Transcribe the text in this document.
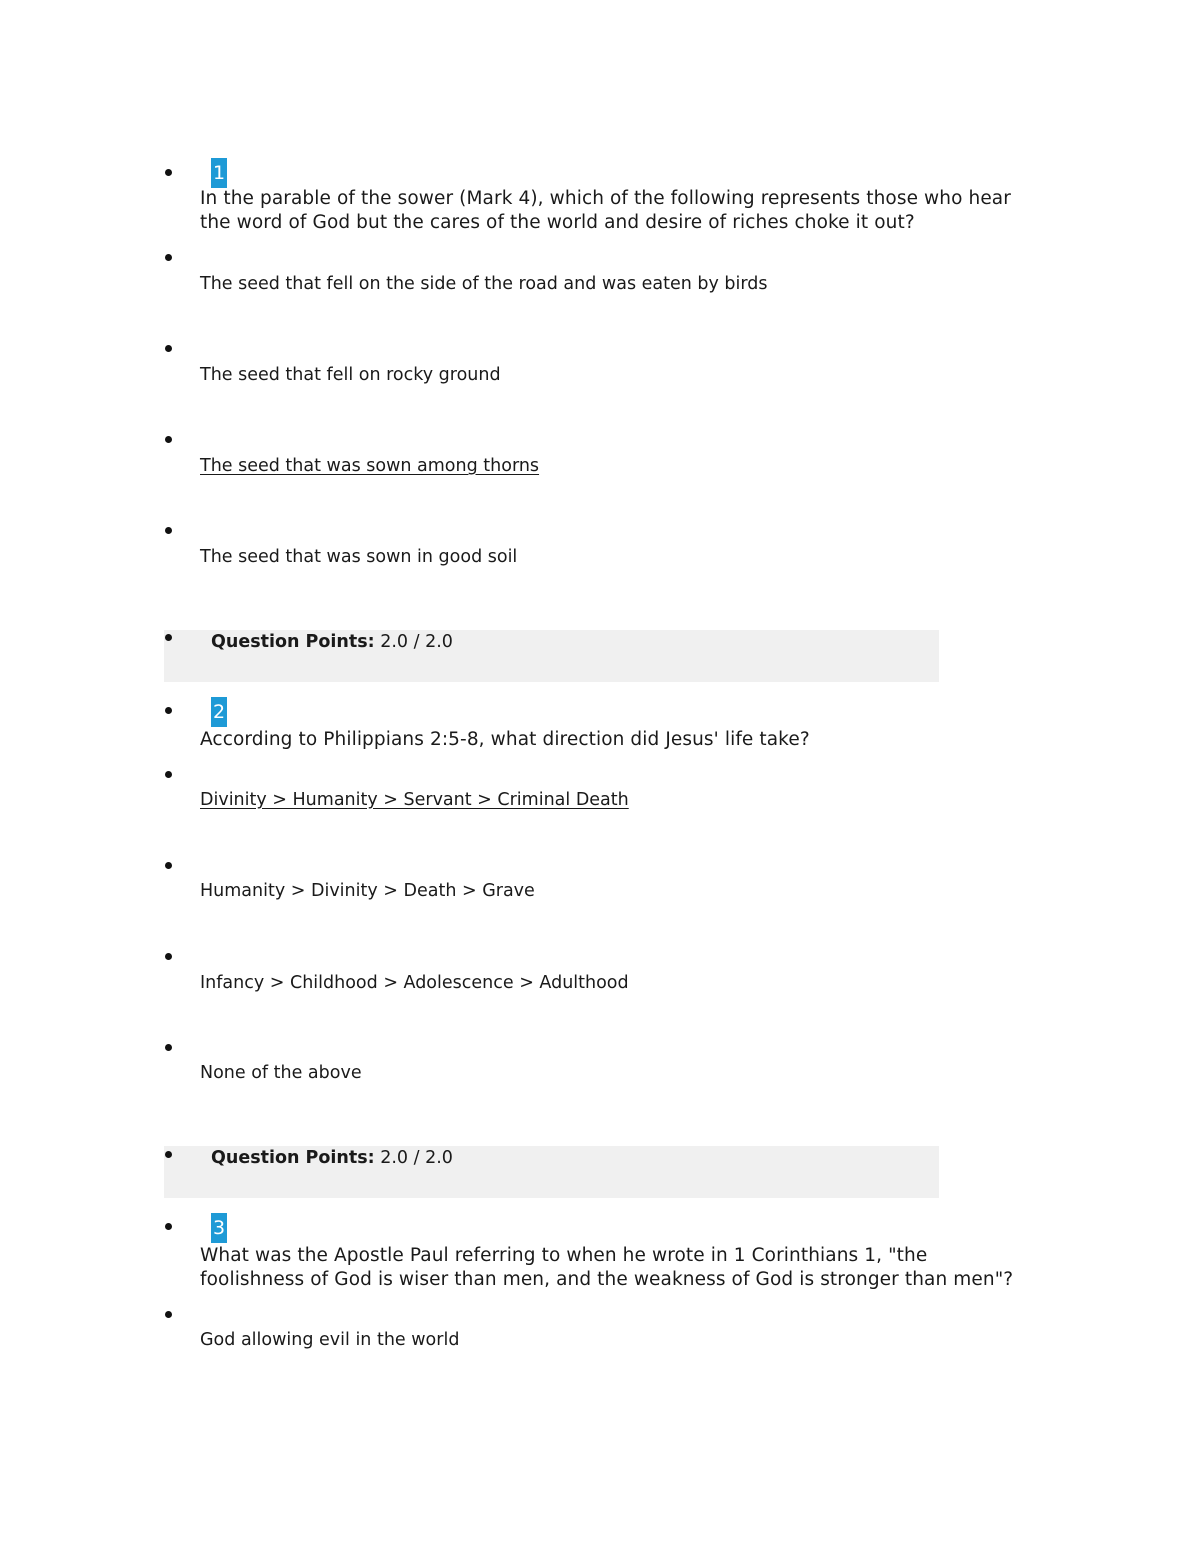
1
In the parable of the sower (Mark 4), which of the following represents those who hear the word of God but the cares of the world and desire of riches choke it out?
The seed that fell on the side of the road and was eaten by birds
The seed that fell on rocky ground
The seed that was sown among thorns
The seed that was sown in good soil
Question Points: 2.0 / 2.0
2
According to Philippians 2:5-8, what direction did Jesus' life take?
Divinity > Humanity > Servant > Criminal Death
Humanity > Divinity > Death > Grave
Infancy > Childhood > Adolescence > Adulthood
None of the above
Question Points: 2.0 / 2.0
3
What was the Apostle Paul referring to when he wrote in 1 Corinthians 1, "the foolishness of God is wiser than men, and the weakness of God is stronger than men"?
God allowing evil in the world
